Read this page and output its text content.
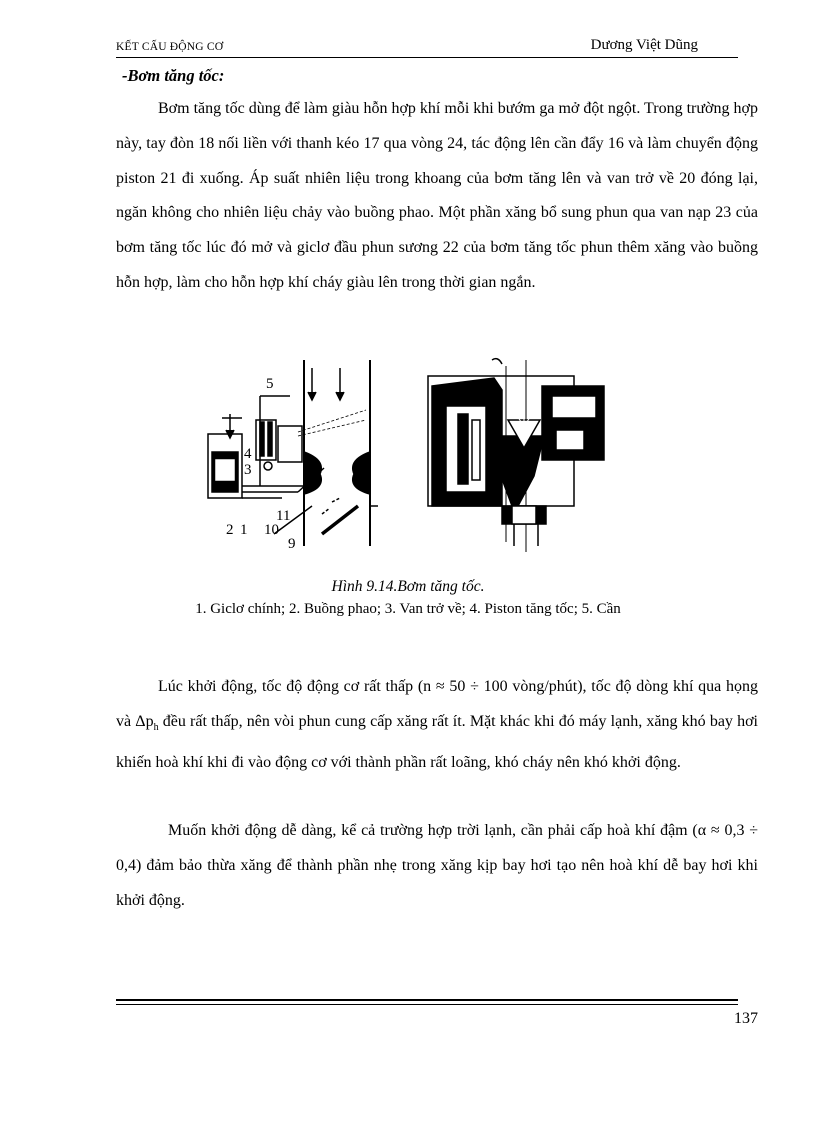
KẾT CẤU ĐỘNG CƠ	Dương Việt Dũng
-Bơm tăng tốc:

Bơm tăng tốc dùng để làm giàu hỗn hợp khí mỗi khi bướm ga mở đột ngột. Trong trường hợp này, tay đòn 18 nối liền với thanh kéo 17 qua vòng 24, tác động lên cần đẩy 16 và làm chuyển động piston 21 đi xuống. Áp suất nhiên liệu trong khoang của bơm tăng lên và van trở về 20 đóng lại, ngăn không cho nhiên liệu chảy vào buồng phao. Một phần xăng bổ sung phun qua van nạp 23 của bơm tăng tốc lúc đó mở và giclơ đầu phun sương 22 của bơm tăng tốc phun thêm xăng vào buồng hỗn hợp, làm cho hỗn hợp khí cháy giàu lên trong thời gian ngắn.

5
4
3
2 1 10
11
9
Hình 9.14.Bơm tăng tốc.
1. Giclơ chính; 2. Buồng phao; 3. Van trở về; 4. Piston tăng tốc; 5. Cần

Lúc khởi động, tốc độ động cơ rất thấp (n ≈ 50 ÷ 100 vòng/phút), tốc độ dòng khí qua họng và $\Delta p_h$ đều rất thấp, nên vòi phun cung cấp xăng rất ít. Mặt khác khi đó máy lạnh, xăng khó bay hơi khiến hoà khí khi đi vào động cơ với thành phần rất loãng, khó cháy nên khó khởi động.

Muốn khởi động dễ dàng, kể cả trường hợp trời lạnh, cần phải cấp hoà khí đậm (α ≈ 0,3 ÷ 0,4) đảm bảo thừa xăng để thành phần nhẹ trong xăng kịp bay hơi tạo nên hoà khí dễ bay hơi khi khởi động.

137
